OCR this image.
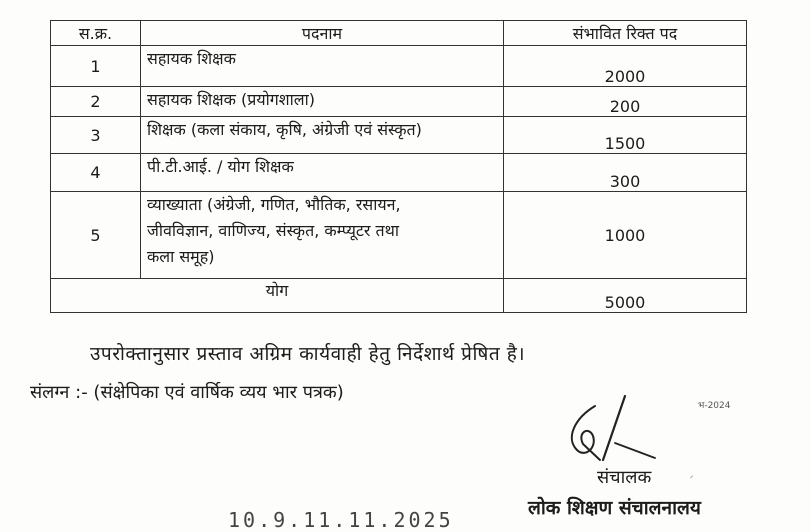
स.क्र.	पदनाम	संभावित रिक्त पद
1	सहायक शिक्षक	2000
2	सहायक शिक्षक (प्रयोगशाला)	200
3	शिक्षक (कला संकाय, कृषि, अंग्रेजी एवं संस्कृत)	1500
4	पी.टी.आई. / योग शिक्षक	300
5	व्याख्याता (अंग्रेजी, गणित, भौतिक, रसायन,
जीवविज्ञान, वाणिज्य, संस्कृत, कम्प्यूटर तथा
कला समूह)	1000
योग		5000
उपरोक्तानुसार प्रस्ताव अग्रिम कार्यवाही हेतु निर्देशार्थ प्रेषित है।
संलग्न :- (संक्षेपिका एवं वार्षिक व्यय भार पत्रक)
भ-2024
संचालक	ᐟ
लोक शिक्षण संचालनालय
10.9.11.11.2025
